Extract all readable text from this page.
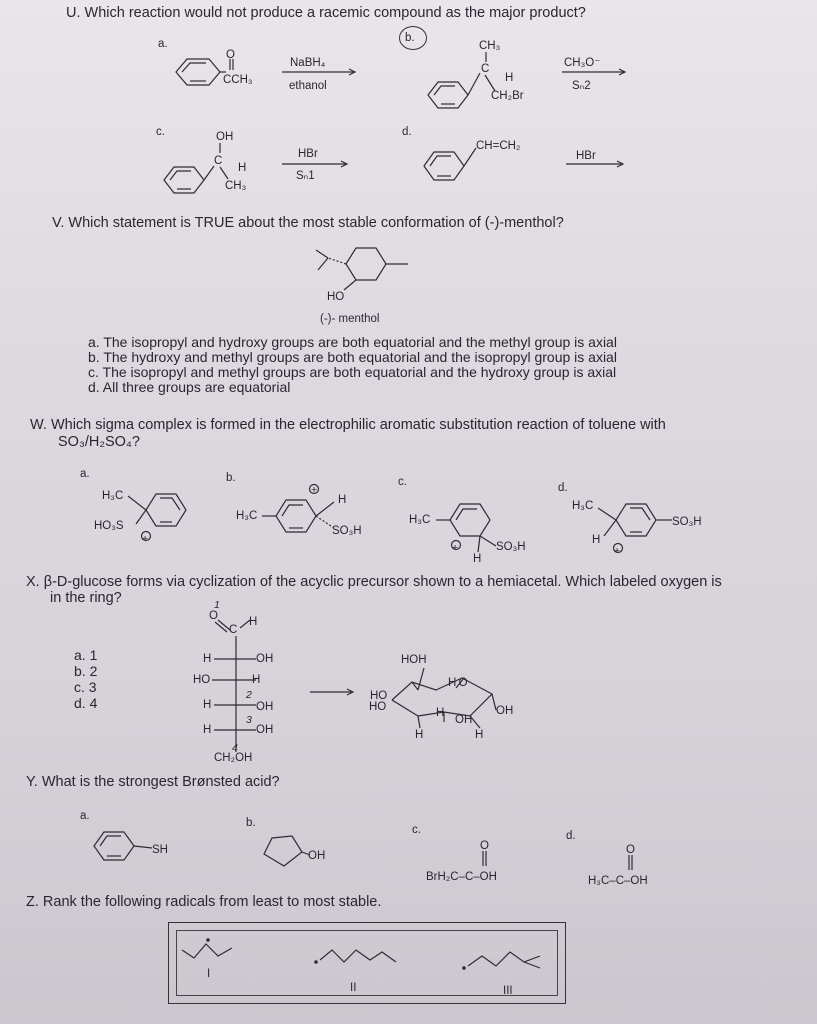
U. Which reaction would not produce a racemic compound as the major product?
a.	b.
O
CCH₃
NaBH₄
ethanol
CH₃
C
H
CH₂Br
CH₃O⁻
Sₙ2
c.	OH
C
H
CH₃
HBr
Sₙ1
d.
CH=CH₂
HBr
V. Which statement is TRUE about the most stable conformation of (-)-menthol?
HO
(-)- menthol
a. The isopropyl and hydroxy groups are both equatorial and the methyl group is axial
b. The hydroxy and methyl groups are both equatorial and the isopropyl group is axial
c. The isopropyl and methyl groups are both equatorial and the hydroxy group is axial
d. All three groups are equatorial
W. Which sigma complex is formed in the electrophilic aromatic substitution reaction of toluene with
SO₃/H₂SO₄?
a.
H₃C
HO₃S
+
b.
H₃C
H
SO₃H
+
c.
H₃C
SO₃H
H
+
d.
H₃C
H
SO₃H
+
X. β-D-glucose forms via cyclization of the acyclic precursor shown to a hemiacetal. Which labeled oxygen is
in the ring?
a. 1
b. 2
c. 3
d. 4
1
O
C
H
H	OH
HO	H
2
H	OH
3
H	OH
4
CH₂OH
HOH
H O
HO
HO	H
OH
OH
H	H
Y. What is the strongest Brønsted acid?
a.
SH
b.
OH
c.
O
BrH₂C–C–OH
d.
O
H₃C–C–OH
Z. Rank the following radicals from least to most stable.
I
II	III
